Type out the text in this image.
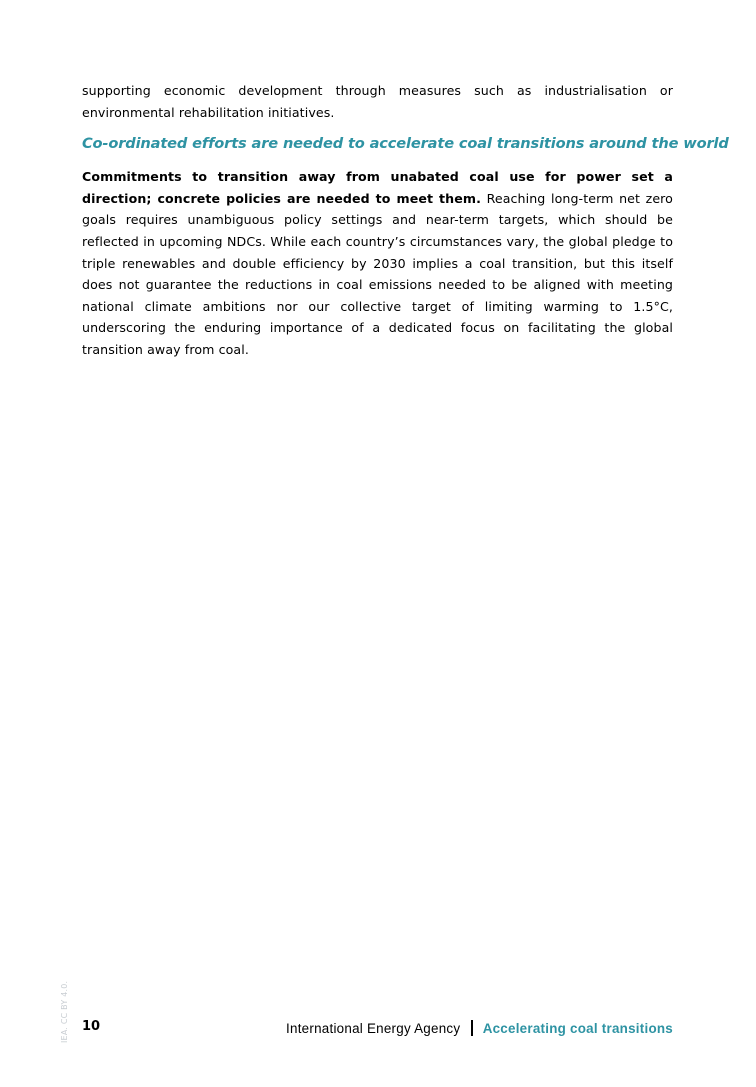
supporting economic development through measures such as industrialisation or environmental rehabilitation initiatives.

Co-ordinated efforts are needed to accelerate coal transitions around the world

Commitments to transition away from unabated coal use for power set a direction; concrete policies are needed to meet them. Reaching long-term net zero goals requires unambiguous policy settings and near-term targets, which should be reflected in upcoming NDCs. While each country’s circumstances vary, the global pledge to triple renewables and double efficiency by 2030 implies a coal transition, but this itself does not guarantee the reductions in coal emissions needed to be aligned with meeting national climate ambitions nor our collective target of limiting warming to 1.5°C, underscoring the enduring importance of a dedicated focus on facilitating the global transition away from coal.

IEA. CC BY 4.0. 10	International Energy Agency Accelerating coal transitions
